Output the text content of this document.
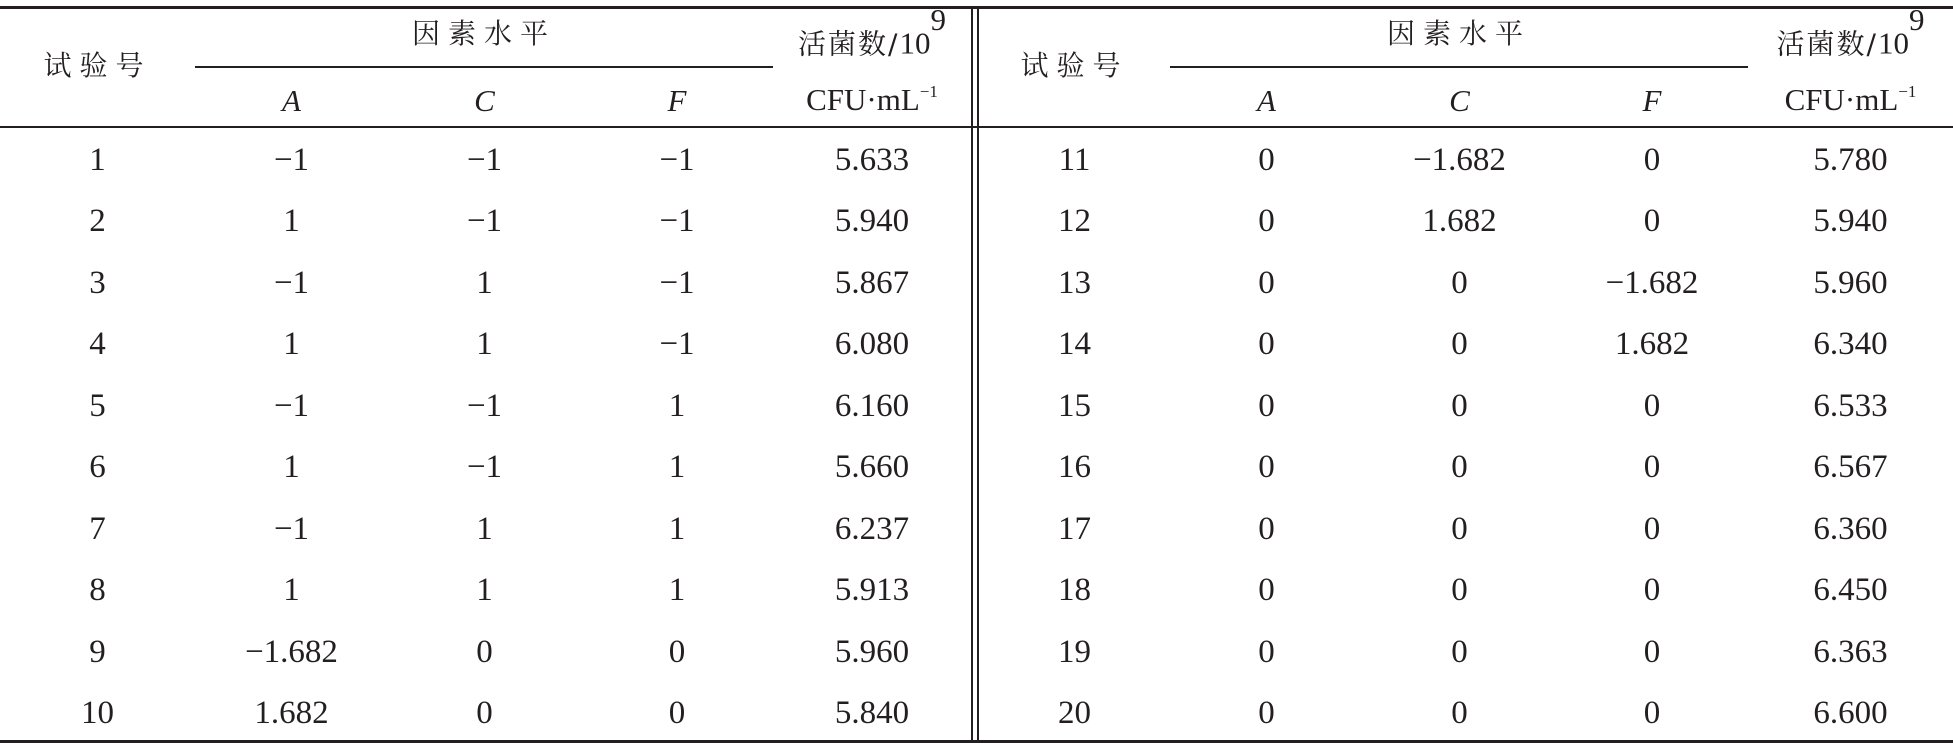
试验号
因素水平	活菌数$/10^9$
A	C	F	$CFU\cdot mL^{-1}$
试验号
因素水平	活菌数$/10^9$
A	C	F	$CFU\cdot mL^{-1}$
1	−1	−1	−1	5.633
2	1	−1	−1	5.940
3	−1	1	−1	5.867
4	1	1	−1	6.080
5	−1	−1	1	6.160
6	1	−1	1	5.660
7	−1	1	1	6.237
8	1	1	1	5.913
9	−1.682	0	0	5.960
10	1.682	0	0	5.840
11	0	−1.682	0	5.780
12	0	1.682	0	5.940
13	0	0	−1.682	5.960
14	0	0	1.682	6.340
15	0	0	0	6.533
16	0	0	0	6.567
17	0	0	0	6.360
18	0	0	0	6.450
19	0	0	0	6.363
20	0	0	0	6.600
